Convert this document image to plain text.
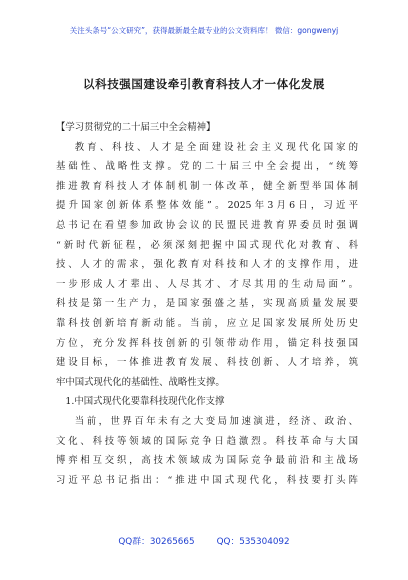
关注头条号“公文研究”，获得最新最全最专业的公文资料库！ 微信：gongwenyj
以科技强国建设牵引教育科技人才一体化发展
【学习贯彻党的二十届三中全会精神】
教育、科技、人才是全面建设社会主义现代化国家的
基础性、战略性支撑。党的二十届三中全会提出，“统筹
推进教育科技人才体制机制一体改革，健全新型举国体制
提升国家创新体系整体效能”。2025年3月6日，习近平
总书记在看望参加政协会议的民盟民进教育界委员时强调
“新时代新征程，必须深刻把握中国式现代化对教育、科
技、人才的需求，强化教育对科技和人才的支撑作用，进
一步形成人才辈出、人尽其才、才尽其用的生动局面”。
科技是第一生产力，是国家强盛之基，实现高质量发展要
靠科技创新培育新动能。当前，应立足国家发展所处历史
方位，充分发挥科技创新的引领带动作用，锚定科技强国
建设目标，一体推进教育发展、科技创新、人才培养，筑
牢中国式现代化的基础性、战略性支撑。
1.中国式现代化要靠科技现代化作支撑
当前，世界百年未有之大变局加速演进，经济、政治、
文化、科技等领域的国际竞争日趋激烈。科技革命与大国
博弈相互交织，高技术领域成为国际竞争最前沿和主战场
习近平总书记指出：“推进中国式现代化，科技要打头阵
QQ群：30265665	QQ：535304092
